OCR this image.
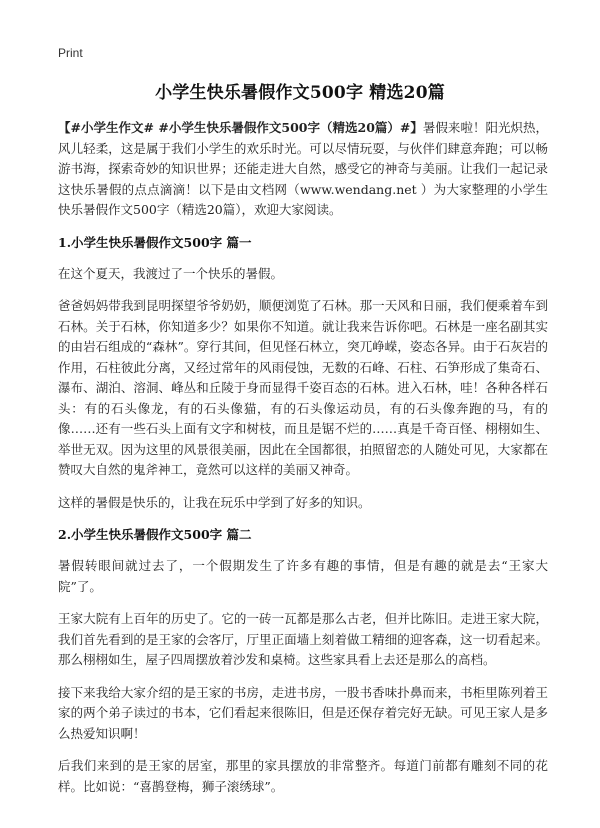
Print
小学生快乐暑假作文500字 精选20篇

【#小学生作文# #小学生快乐暑假作文500字（精选20篇）#】暑假来啦！阳光炽热，风儿轻柔，这是属于我们小学生的欢乐时光。可以尽情玩耍，与伙伴们肆意奔跑；可以畅游书海，探索奇妙的知识世界；还能走进大自然，感受它的神奇与美丽。让我们一起记录这快乐暑假的点点滴滴！以下是由文档网（www.wendang.net ）为大家整理的小学生快乐暑假作文500字（精选20篇），欢迎大家阅读。

1.小学生快乐暑假作文500字 篇一

在这个夏天，我渡过了一个快乐的暑假。

爸爸妈妈带我到昆明探望爷爷奶奶，顺便浏览了石林。那一天风和日丽，我们便乘着车到石林。关于石林，你知道多少？如果你不知道。就让我来告诉你吧。石林是一座名副其实的由岩石组成的“森林”。穿行其间，但见怪石林立，突兀峥嵘，姿态各异。由于石灰岩的作用，石柱彼此分离，又经过常年的风雨侵蚀，无数的石峰、石柱、石笋形成了集奇石、瀑布、湖泊、溶洞、峰丛和丘陵于身而显得千姿百态的石林。进入石林，哇！各种各样石头：有的石头像龙，有的石头像猫，有的石头像运动员，有的石头像奔跑的马，有的像……还有一些石头上面有文字和树枝，而且是锯不烂的……真是千奇百怪、栩栩如生、举世无双。因为这里的风景很美丽，因此在全国都很，拍照留恋的人随处可见，大家都在赞叹大自然的鬼斧神工，竟然可以这样的美丽又神奇。

这样的暑假是快乐的，让我在玩乐中学到了好多的知识。

2.小学生快乐暑假作文500字 篇二

暑假转眼间就过去了，一个假期发生了许多有趣的事情，但是有趣的就是去“王家大院”了。

王家大院有上百年的历史了。它的一砖一瓦都是那么古老，但并比陈旧。走进王家大院，我们首先看到的是王家的会客厅，厅里正面墙上刻着做工精细的迎客森，这一切看起来。那么栩栩如生，屋子四周摆放着沙发和桌椅。这些家具看上去还是那么的高档。

接下来我给大家介绍的是王家的书房，走进书房，一股书香味扑鼻而来，书柜里陈列着王家的两个弟子读过的书本，它们看起来很陈旧，但是还保存着完好无缺。可见王家人是多么热爱知识啊！

后我们来到的是王家的居室，那里的家具摆放的非常整齐。每道门前都有雕刻不同的花样。比如说：“喜鹊登梅，狮子滚绣球”。
